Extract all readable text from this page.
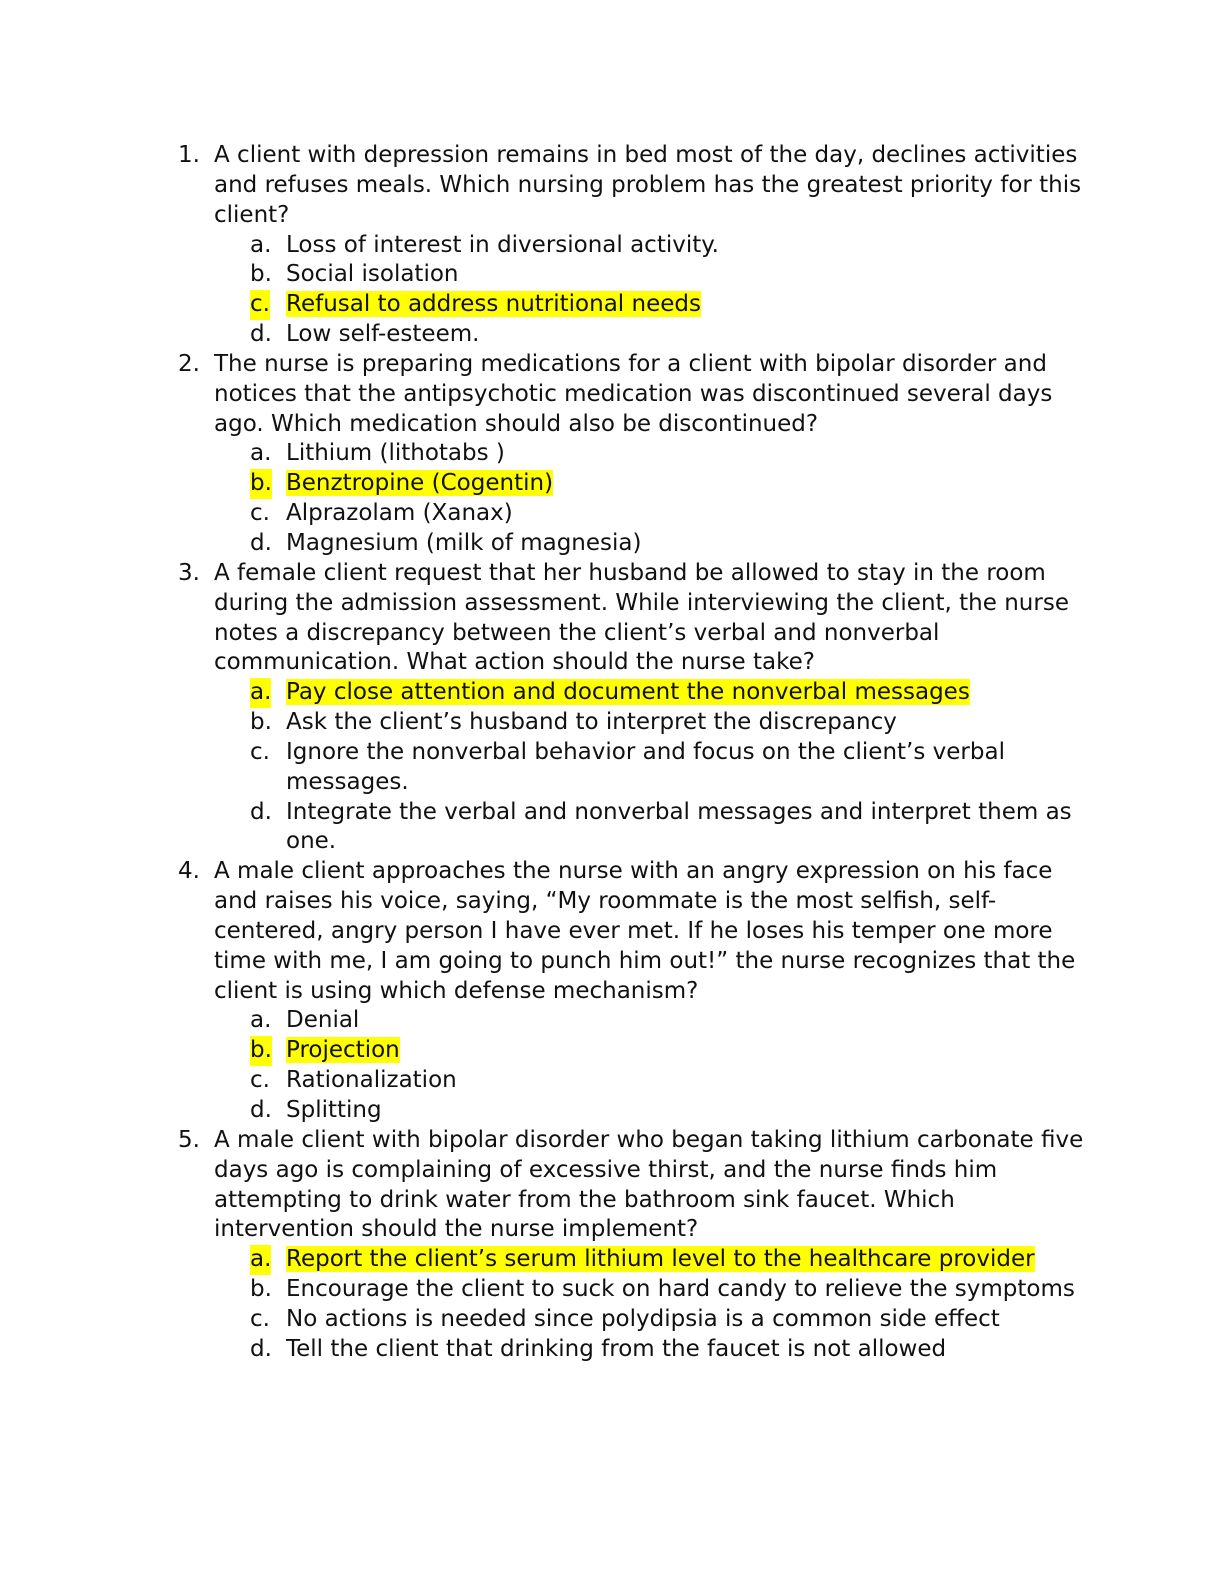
1. A client with depression remains in bed most of the day, declines activities and refuses meals. Which nursing problem has the greatest priority for this client?
a. Loss of interest in diversional activity.
b. Social isolation
c. Refusal to address nutritional needs
d. Low self-esteem.
2. The nurse is preparing medications for a client with bipolar disorder and notices that the antipsychotic medication was discontinued several days ago. Which medication should also be discontinued?
a. Lithium (lithotabs )
b. Benztropine (Cogentin)
c. Alprazolam (Xanax)
d. Magnesium (milk of magnesia)
3. A female client request that her husband be allowed to stay in the room during the admission assessment. While interviewing the client, the nurse notes a discrepancy between the client’s verbal and nonverbal communication. What action should the nurse take?
a. Pay close attention and document the nonverbal messages
b. Ask the client’s husband to interpret the discrepancy
c. Ignore the nonverbal behavior and focus on the client’s verbal messages.
d. Integrate the verbal and nonverbal messages and interpret them as one.
4. A male client approaches the nurse with an angry expression on his face and raises his voice, saying, “My roommate is the most selfish, self-centered, angry person I have ever met. If he loses his temper one more time with me, I am going to punch him out!” the nurse recognizes that the client is using which defense mechanism?
a. Denial
b. Projection
c. Rationalization
d. Splitting
5. A male client with bipolar disorder who began taking lithium carbonate five days ago is complaining of excessive thirst, and the nurse finds him attempting to drink water from the bathroom sink faucet. Which intervention should the nurse implement?
a. Report the client’s serum lithium level to the healthcare provider
b. Encourage the client to suck on hard candy to relieve the symptoms
c. No actions is needed since polydipsia is a common side effect
d. Tell the client that drinking from the faucet is not allowed
